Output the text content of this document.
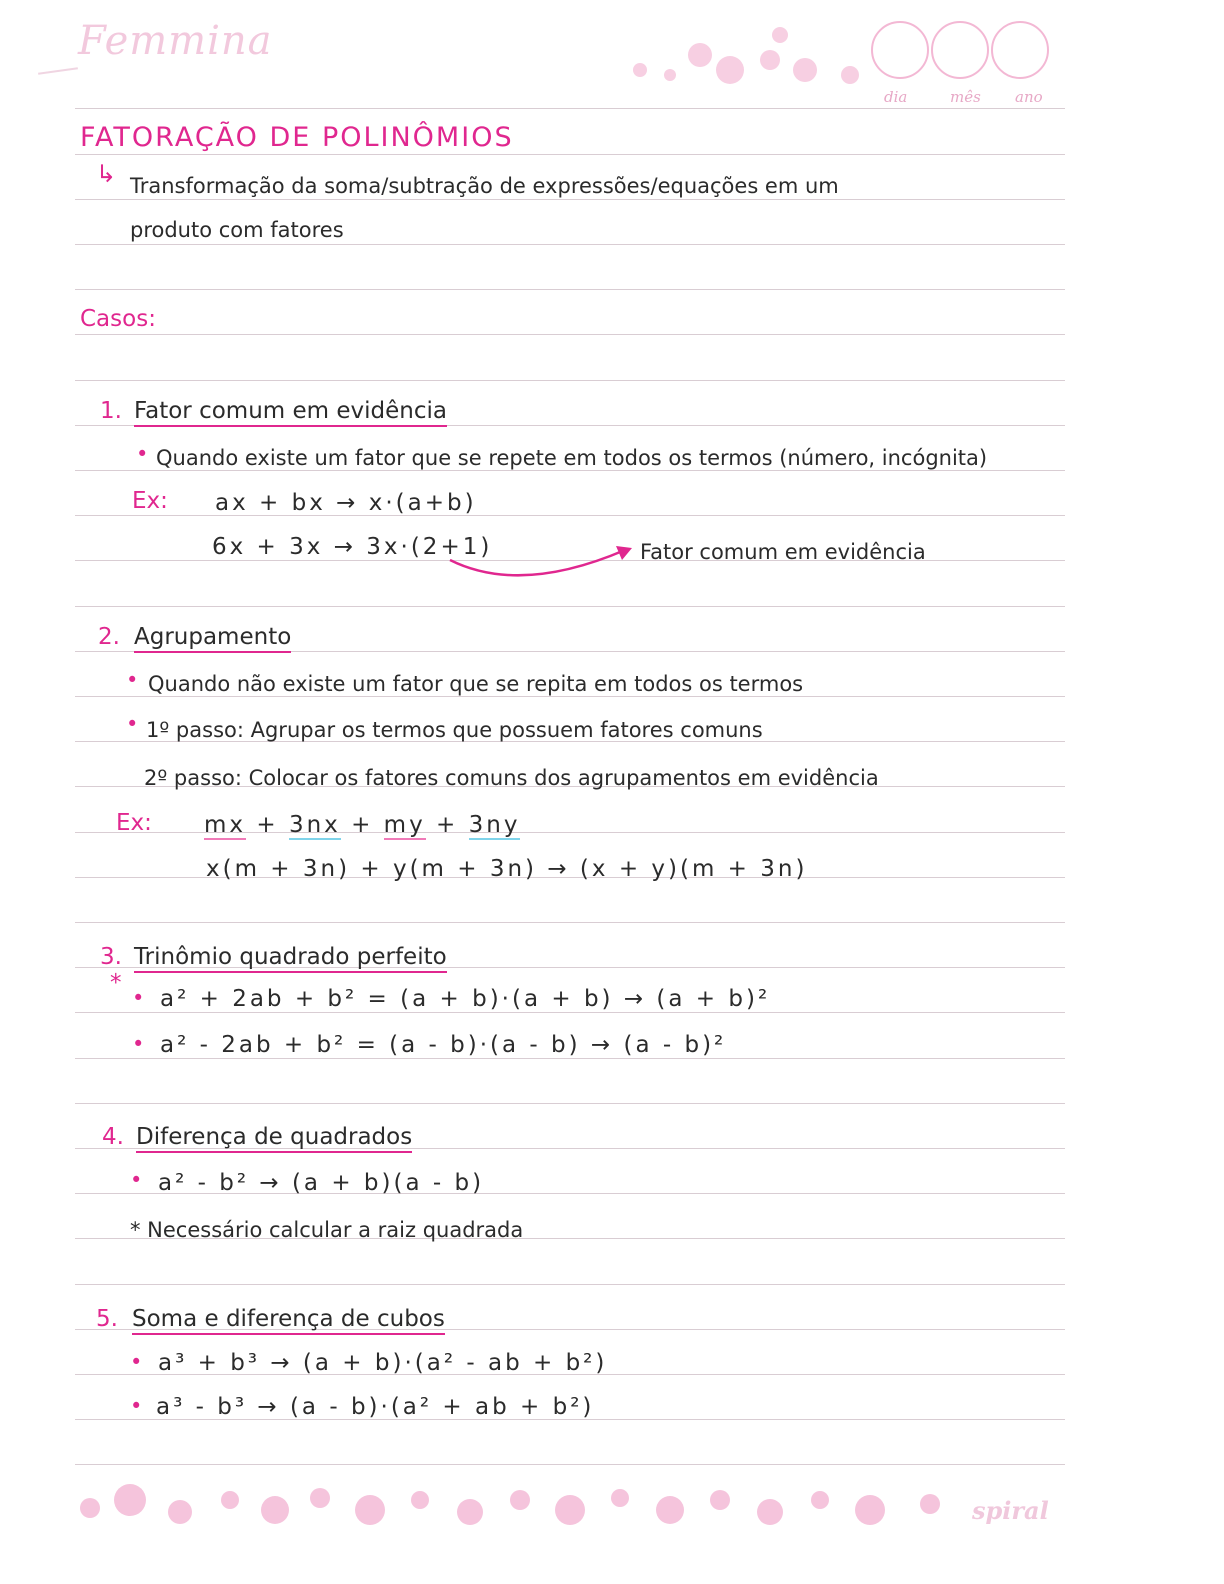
Femmina
dia	mês ano
FATORAÇÃO DE POLINÔMIOS
↳ Transformação da soma/subtração de expressões/equações em um
produto com fatores
Casos:
1. Fator comum em evidência
• Quando existe um fator que se repete em todos os termos (número, incógnita)
Ex: ax + bx → x·(a+b)
6x + 3x → 3x·(2+1)	Fator comum em evidência
2. Agrupamento
• Quando não existe um fator que se repita em todos os termos
• 1º passo: Agrupar os termos que possuem fatores comuns
2º passo: Colocar os fatores comuns dos agrupamentos em evidência
Ex: mx + 3nx + my + 3ny
x(m + 3n) + y(m + 3n) → (x + y)(m + 3n)
3. Trinômio quadrado perfeito
*
• a² + 2ab + b² = (a + b)·(a + b) → (a + b)²
• a² - 2ab + b² = (a - b)·(a - b) → (a - b)²
4. Diferença de quadrados
• a² - b² → (a + b)(a - b)
* Necessário calcular a raiz quadrada
5. Soma e diferença de cubos
• a³ + b³ → (a + b)·(a² - ab + b²)
• a³ - b³ → (a - b)·(a² + ab + b²)
spiral
